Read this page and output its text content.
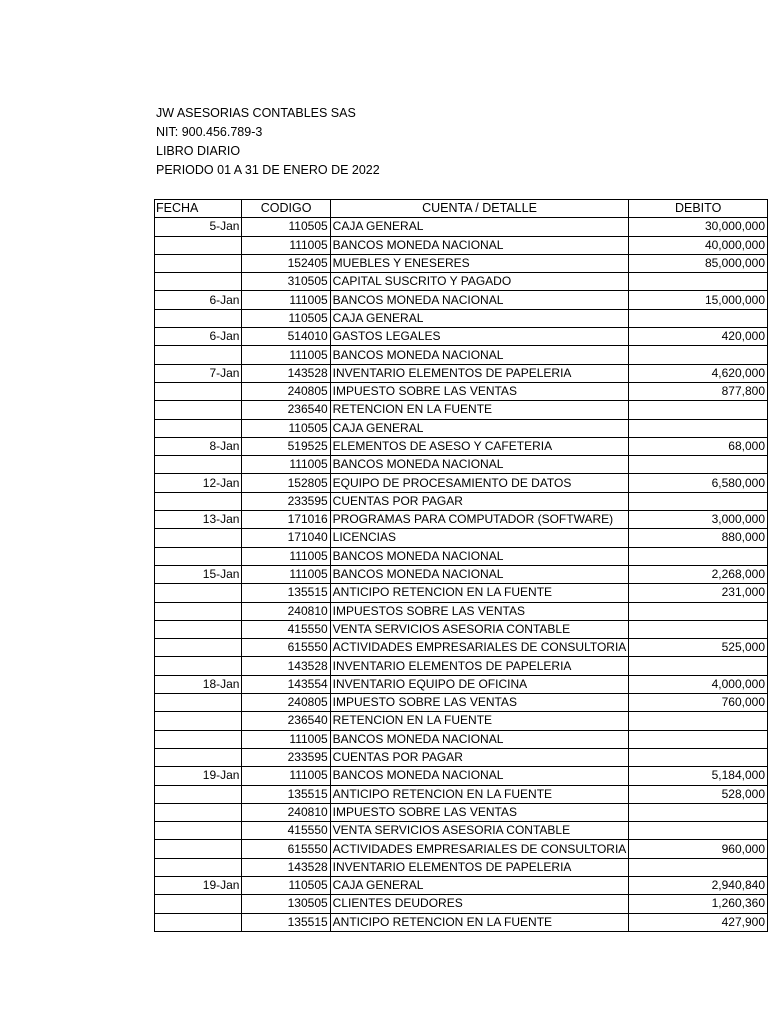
JW ASESORIAS CONTABLES SAS
NIT: 900.456.789-3
LIBRO DIARIO
PERIODO 01 A 31 DE ENERO DE 2022
FECHA	CODIGO	CUENTA / DETALLE	DEBITO
5-Jan	110505	CAJA GENERAL	30,000,000
	111005	BANCOS MONEDA NACIONAL	40,000,000
	152405	MUEBLES Y ENESERES	85,000,000
	310505	CAPITAL SUSCRITO Y PAGADO	
6-Jan	111005	BANCOS MONEDA NACIONAL	15,000,000
	110505	CAJA GENERAL	
6-Jan	514010	GASTOS LEGALES	420,000
	111005	BANCOS MONEDA NACIONAL	
7-Jan	143528	INVENTARIO ELEMENTOS DE PAPELERIA	4,620,000
	240805	IMPUESTO SOBRE LAS VENTAS	877,800
	236540	RETENCION EN LA FUENTE	
	110505	CAJA GENERAL	
8-Jan	519525	ELEMENTOS DE ASESO Y CAFETERIA	68,000
	111005	BANCOS MONEDA NACIONAL	
12-Jan	152805	EQUIPO DE PROCESAMIENTO DE DATOS	6,580,000
	233595	CUENTAS POR PAGAR	
13-Jan	171016	PROGRAMAS PARA COMPUTADOR (SOFTWARE)	3,000,000
	171040	LICENCIAS	880,000
	111005	BANCOS MONEDA NACIONAL	
15-Jan	111005	BANCOS MONEDA NACIONAL	2,268,000
	135515	ANTICIPO RETENCION EN LA FUENTE	231,000
	240810	IMPUESTOS SOBRE LAS VENTAS	
	415550	VENTA SERVICIOS ASESORIA CONTABLE	
	615550	ACTIVIDADES EMPRESARIALES DE CONSULTORIA	525,000
	143528	INVENTARIO ELEMENTOS DE PAPELERIA	
18-Jan	143554	INVENTARIO EQUIPO DE OFICINA	4,000,000
	240805	IMPUESTO SOBRE LAS VENTAS	760,000
	236540	RETENCION EN LA FUENTE	
	111005	BANCOS MONEDA NACIONAL	
	233595	CUENTAS POR PAGAR	
19-Jan	111005	BANCOS MONEDA NACIONAL	5,184,000
	135515	ANTICIPO RETENCION EN LA FUENTE	528,000
	240810	IMPUESTO SOBRE LAS VENTAS	
	415550	VENTA SERVICIOS ASESORIA CONTABLE	
	615550	ACTIVIDADES EMPRESARIALES DE CONSULTORIA	960,000
	143528	INVENTARIO ELEMENTOS DE PAPELERIA	
19-Jan	110505	CAJA GENERAL	2,940,840
	130505	CLIENTES DEUDORES	1,260,360
	135515	ANTICIPO RETENCION EN LA FUENTE	427,900
